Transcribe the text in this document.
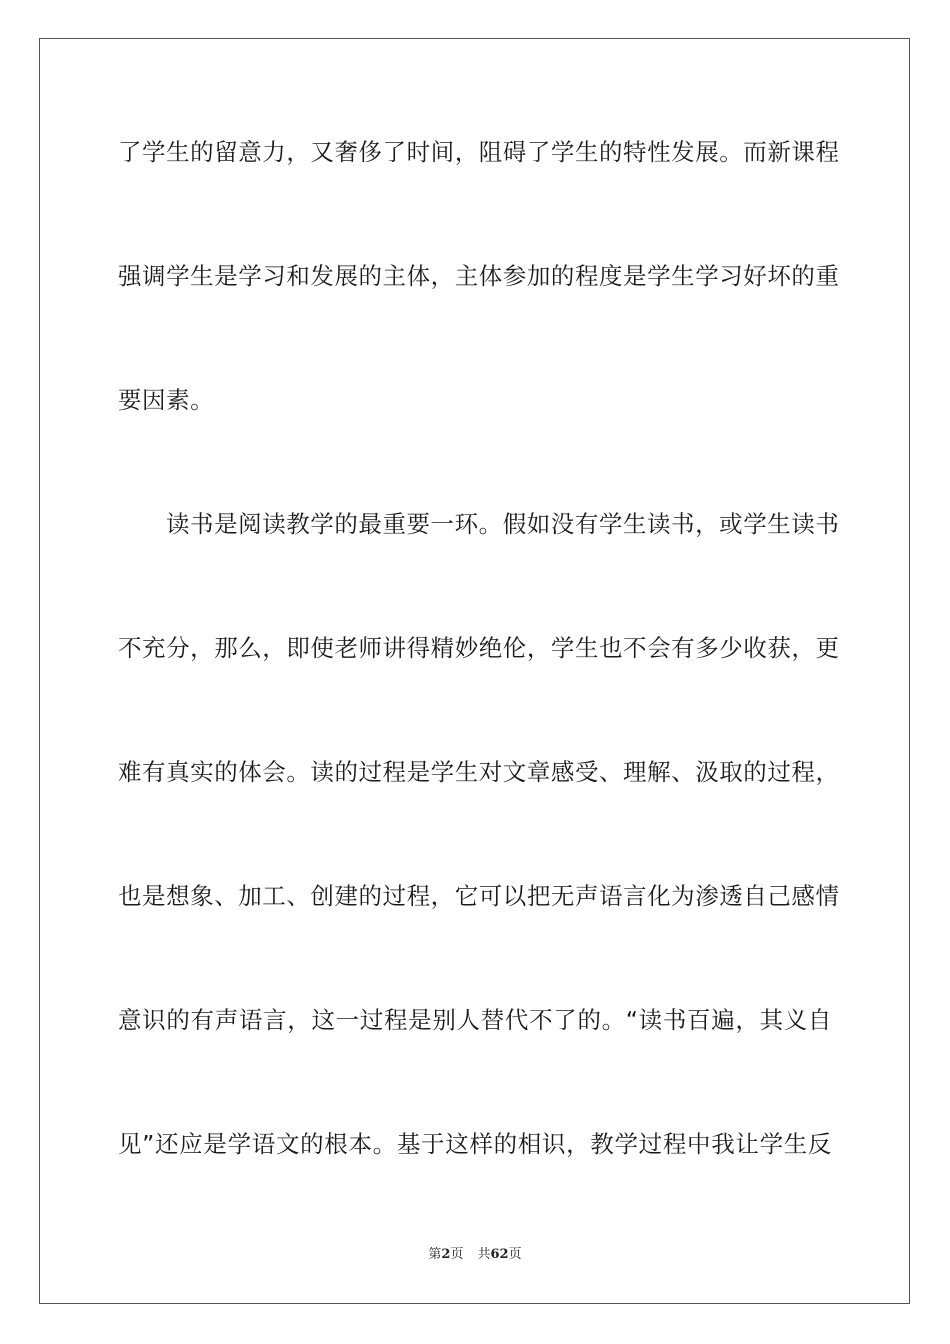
了学生的留意力，又奢侈了时间，阻碍了学生的特性发展。而新课程
强调学生是学习和发展的主体，主体参加的程度是学生学习好坏的重
要因素。
读书是阅读教学的最重要一环。假如没有学生读书，或学生读书
不充分，那么，即使老师讲得精妙绝伦，学生也不会有多少收获，更
难有真实的体会。读的过程是学生对文章感受、理解、汲取的过程，
也是想象、加工、创建的过程，它可以把无声语言化为渗透自己感情
意识的有声语言，这一过程是别人替代不了的。“读书百遍，其义自
见”还应是学语文的根本。基于这样的相识，教学过程中我让学生反
第2页 共62页
